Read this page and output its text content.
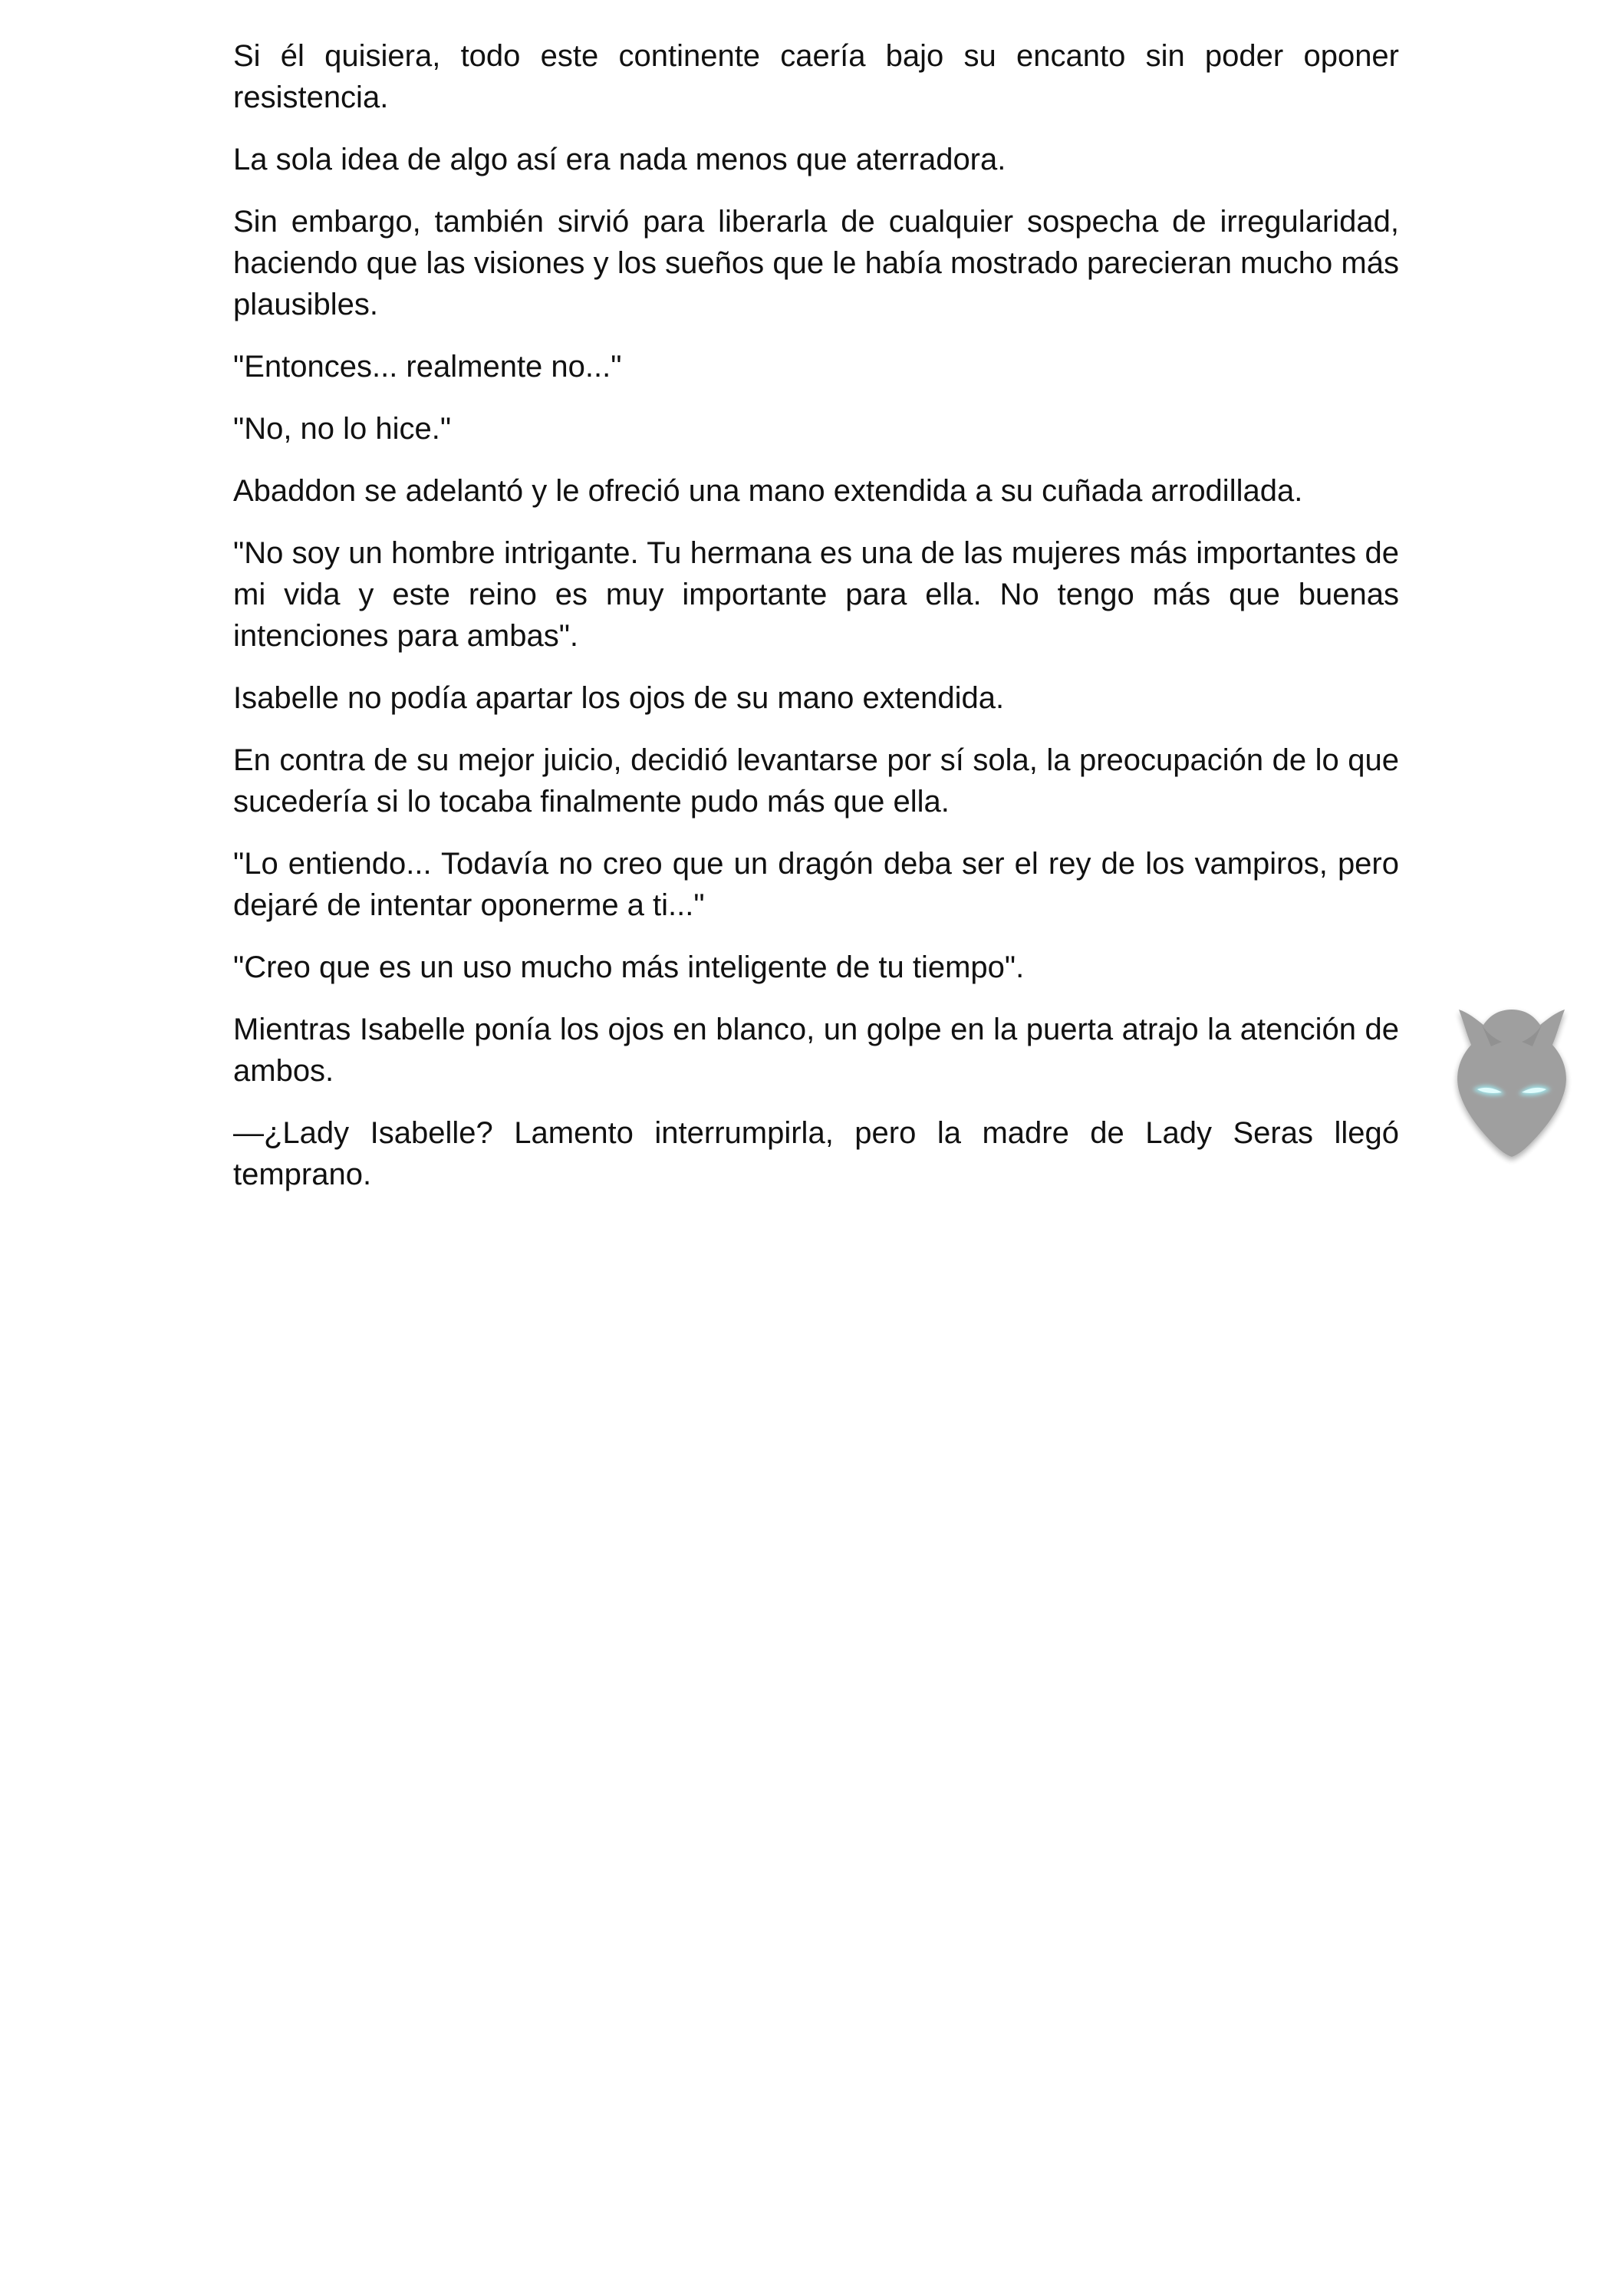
Si él quisiera, todo este continente caería bajo su encanto sin poder oponer resistencia.

La sola idea de algo así era nada menos que aterradora.

Sin embargo, también sirvió para liberarla de cualquier sospecha de irregularidad, haciendo que las visiones y los sueños que le había mostrado parecieran mucho más plausibles.

"Entonces... realmente no..."

"No, no lo hice."

Abaddon se adelantó y le ofreció una mano extendida a su cuñada arrodillada.

"No soy un hombre intrigante. Tu hermana es una de las mujeres más importantes de mi vida y este reino es muy importante para ella. No tengo más que buenas intenciones para ambas".

Isabelle no podía apartar los ojos de su mano extendida.

En contra de su mejor juicio, decidió levantarse por sí sola, la preocupación de lo que sucedería si lo tocaba finalmente pudo más que ella.

"Lo entiendo... Todavía no creo que un dragón deba ser el rey de los vampiros, pero dejaré de intentar oponerme a ti..."

"Creo que es un uso mucho más inteligente de tu tiempo".

Mientras Isabelle ponía los ojos en blanco, un golpe en la puerta atrajo la atención de ambos.

—¿Lady Isabelle? Lamento interrumpirla, pero la madre de Lady Seras llegó temprano.
